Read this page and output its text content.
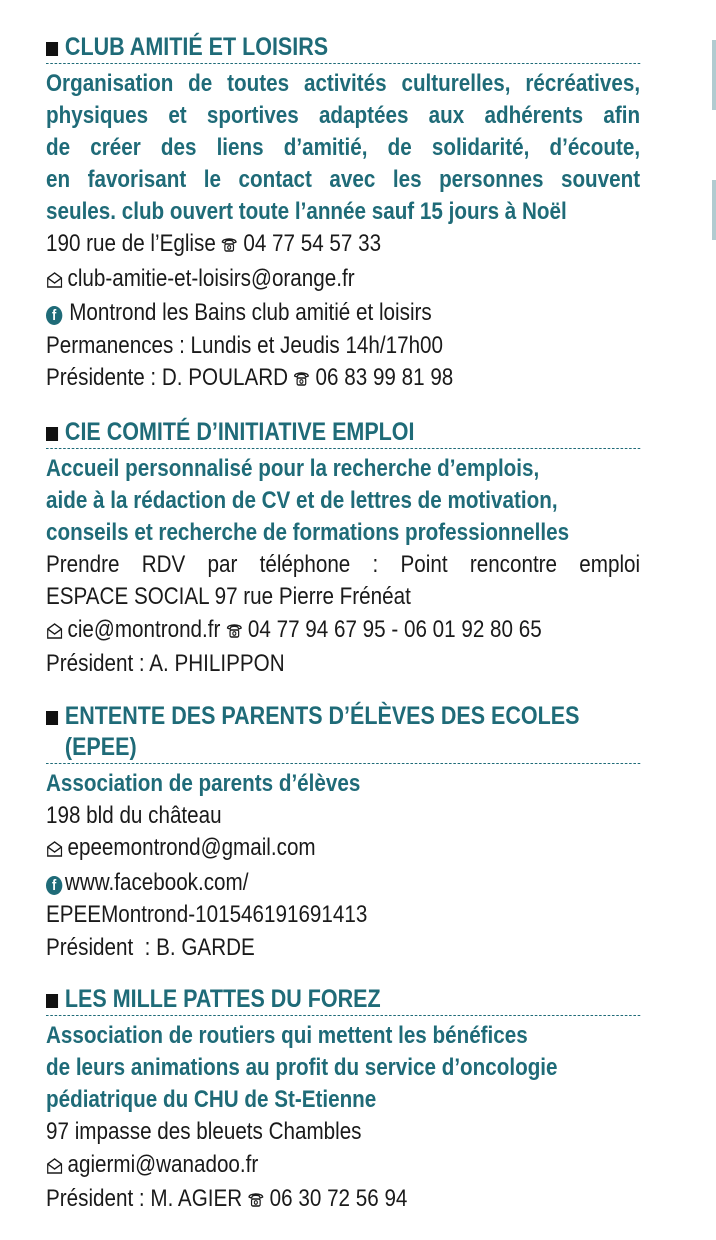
CLUB AMITIÉ ET LOISIRS
Organisation de toutes activités culturelles, récréatives,
physiques et sportives adaptées aux adhérents afin
de créer des liens d’amitié, de solidarité, d’écoute,
en favorisant le contact avec les personnes souvent
seules. club ouvert toute l’année sauf 15 jours à Noël
190 rue de l’Eglise 04 77 54 57 33
club-amitie-et-loisirs@orange.fr
f Montrond les Bains club amitié et loisirs
Permanences : Lundis et Jeudis 14h/17h00
Présidente : D. POULARD 06 83 99 81 98
CIE COMITÉ D’INITIATIVE EMPLOI
Accueil personnalisé pour la recherche d’emplois,
aide à la rédaction de CV et de lettres de motivation,
conseils et recherche de formations professionnelles
Prendre RDV par téléphone : Point rencontre emploi
ESPACE SOCIAL 97 rue Pierre Frénéat
cie@montrond.fr 04 77 94 67 95 - 06 01 92 80 65
Président : A. PHILIPPON
ENTENTE DES PARENTS D’ÉLÈVES DES ECOLES (EPEE)
Association de parents d’élèves
198 bld du château
epeemontrond@gmail.com
f www.facebook.com/
EPEEMontrond-101546191691413
Président  : B. GARDE
LES MILLE PATTES DU FOREZ
Association de routiers qui mettent les bénéfices
de leurs animations au profit du service d’oncologie
pédiatrique du CHU de St-Etienne
97 impasse des bleuets Chambles
agiermi@wanadoo.fr
Président : M. AGIER 06 30 72 56 94
